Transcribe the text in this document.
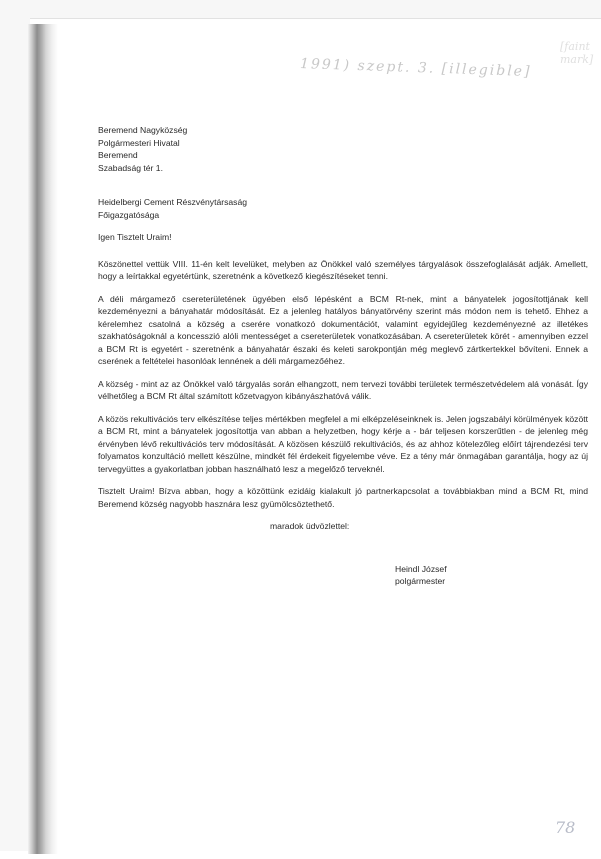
1991) szept. 3. [illegible]
[faint mark]
78
Beremend Nagyközség
Polgármesteri Hivatal
Beremend
Szabadság tér 1.
Heidelbergi Cement Részvénytársaság
Főigazgatósága
Igen Tisztelt Uraim!

Köszönettel vettük VIII. 11-én kelt levelüket, melyben az Önökkel való személyes tárgyalások összefoglalását adják. Amellett, hogy a leírtakkal egyetértünk, szeretnénk a következő kiegészítéseket tenni.

A déli márgamező csereterületének ügyében első lépésként a BCM Rt-nek, mint a bányatelek jogosítottjának kell kezdeményezni a bányahatár módosítását. Ez a jelenleg hatályos bányatörvény szerint más módon nem is tehető. Ehhez a kérelemhez csatolná a község a cserére vonatkozó dokumentációt, valamint egyidejűleg kezdeményezné az illetékes szakhatóságoknál a koncesszió alóli mentességet a csereterületek vonatkozásában. A csereterületek körét - amennyiben ezzel a BCM Rt is egyetért - szeretnénk a bányahatár északi és keleti sarokpontján még meglevő zártkertekkel bővíteni. Ennek a cserének a feltételei hasonlóak lennének a déli márgamezőéhez.

A község - mint az az Önökkel való tárgyalás során elhangzott, nem tervezi további területek természetvédelem alá vonását. Így vélhetőleg a BCM Rt által számított kőzetvagyon kibányászhatóvá válik.

A közös rekultivációs terv elkészítése teljes mértékben megfelel a mi elképzeléseinknek is. Jelen jogszabályi körülmények között a BCM Rt, mint a bányatelek jogosítottja van abban a helyzetben, hogy kérje a - bár teljesen korszerűtlen - de jelenleg még érvényben lévő rekultivációs terv módosítását. A közösen készülő rekultivációs, és az ahhoz kötelezőleg előírt tájrendezési terv folyamatos konzultáció mellett készülne, mindkét fél érdekeit figyelembe véve. Ez a tény már önmagában garantálja, hogy az új tervegyüttes a gyakorlatban jobban használható lesz a megelőző terveknél.

Tisztelt Uraim! Bízva abban, hogy a közöttünk ezidáig kialakult jó partnerkapcsolat a továbbiakban mind a BCM Rt, mind Beremend község nagyobb hasznára lesz gyümölcsöztethető.

maradok üdvözlettel:
Heindl József
polgármester
